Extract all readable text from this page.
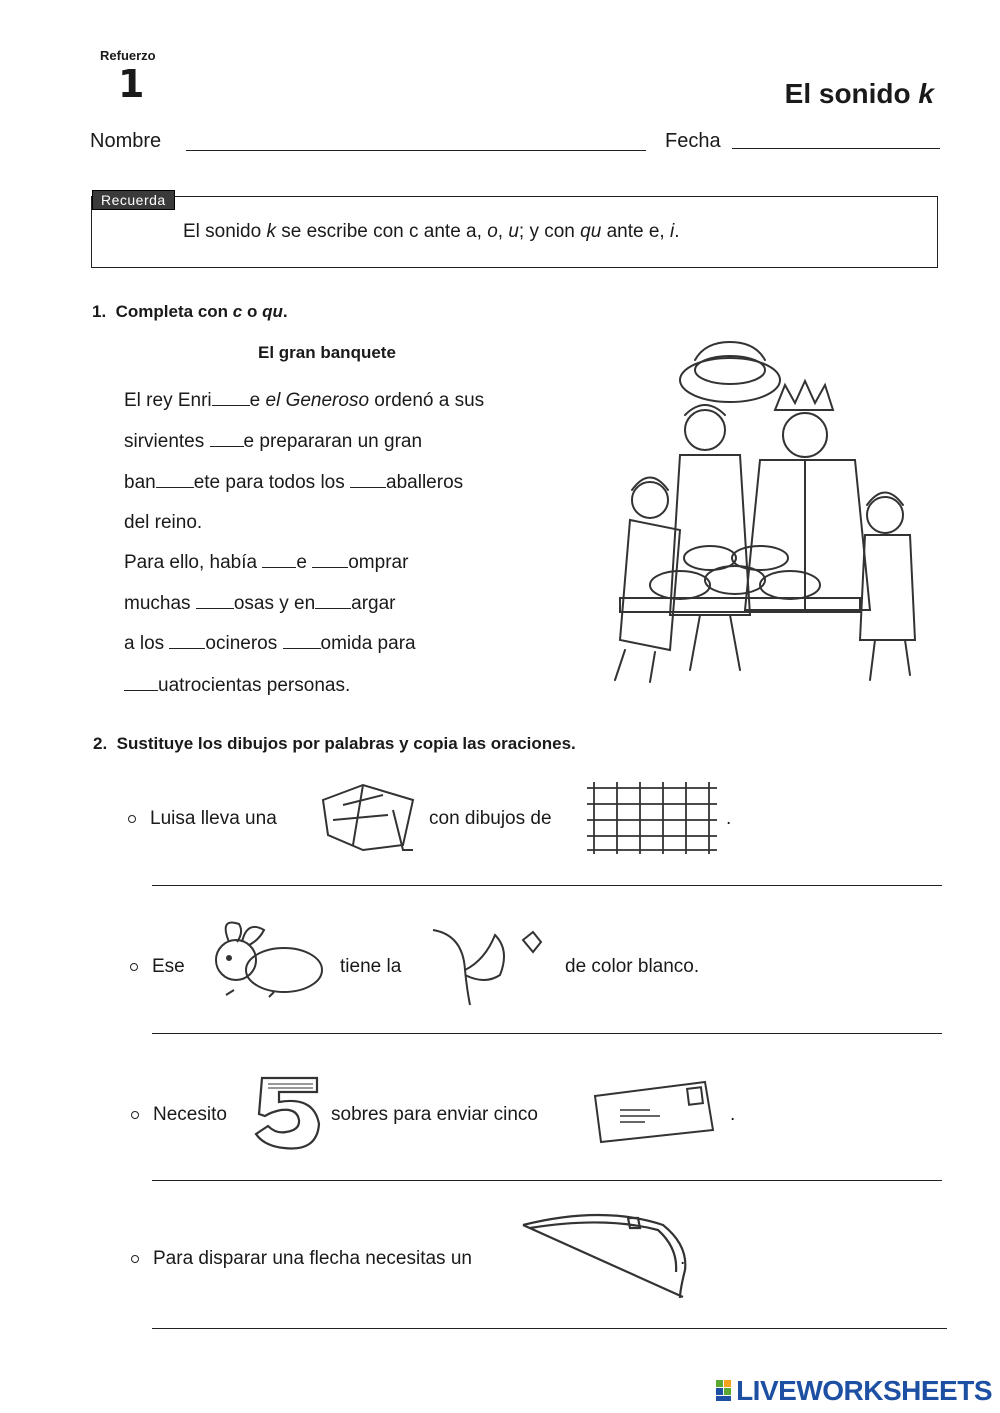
Refuerzo
1	El sonido k
Nombre	Fecha
Recuerda
El sonido k se escribe con c ante a, o, u; y con qu ante e, i.
1. Completa con c o qu.
El gran banquete
El rey Enri e el Generoso ordenó a sus
sirvientes e prepararan un gran
ban ete para todos los aballeros
del reino.
Para ello, había e omprar
muchas osas y en argar
a los ocineros omida para
uatrocientas personas.
2. Sustituye los dibujos por palabras y copia las oraciones.
Luisa lleva una	con dibujos de	.
Ese	tiene la	de color blanco.
Necesito	sobres para enviar cinco	.
Para disparar una flecha necesitas un	.
LIVEWORKSHEETS
